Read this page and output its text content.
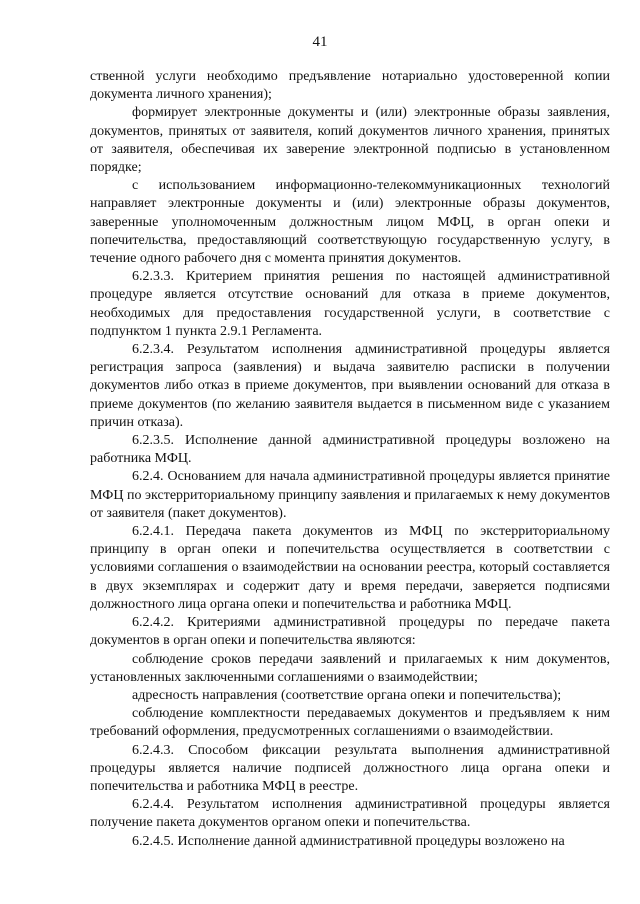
41

ственной услуги необходимо предъявление нотариально удостоверенной копии документа личного хранения);

формирует электронные документы и (или) электронные образы заявления, документов, принятых от заявителя, копий документов личного хранения, принятых от заявителя, обеспечивая их заверение электронной подписью в установленном порядке;

с использованием информационно-телекоммуникационных технологий направляет электронные документы и (или) электронные образы документов, заверенные уполномоченным должностным лицом МФЦ, в орган опеки и попечительства, предоставляющий соответствующую государственную услугу, в течение одного рабочего дня с момента принятия документов.

6.2.3.3. Критерием принятия решения по настоящей административной процедуре является отсутствие оснований для отказа в приеме документов, необходимых для предоставления государственной услуги, в соответствие с подпунктом 1 пункта 2.9.1 Регламента.

6.2.3.4. Результатом исполнения административной процедуры является регистрация запроса (заявления) и выдача заявителю расписки в получении документов либо отказ в приеме документов, при выявлении оснований для отказа в приеме документов (по желанию заявителя выдается в письменном виде с указанием причин отказа).

6.2.3.5. Исполнение данной административной процедуры возложено на работника МФЦ.

6.2.4. Основанием для начала административной процедуры является принятие МФЦ по экстерриториальному принципу заявления и прилагаемых к нему документов от заявителя (пакет документов).

6.2.4.1. Передача пакета документов из МФЦ по экстерриториальному принципу в орган опеки и попечительства осуществляется в соответствии с условиями соглашения о взаимодействии на основании реестра, который составляется в двух экземплярах и содержит дату и время передачи, заверяется подписями должностного лица органа опеки и попечительства и работника МФЦ.

6.2.4.2. Критериями административной процедуры по передаче пакета документов в орган опеки и попечительства являются:

соблюдение сроков передачи заявлений и прилагаемых к ним документов, установленных заключенными соглашениями о взаимодействии;

адресность направления (соответствие органа опеки и попечительства);

соблюдение комплектности передаваемых документов и предъявляем к ним требований оформления, предусмотренных соглашениями о взаимодействии.

6.2.4.3. Способом фиксации результата выполнения административной процедуры является наличие подписей должностного лица органа опеки и попечительства и работника МФЦ в реестре.

6.2.4.4. Результатом исполнения административной процедуры является получение пакета документов органом опеки и попечительства.

6.2.4.5. Исполнение данной административной процедуры возложено на
